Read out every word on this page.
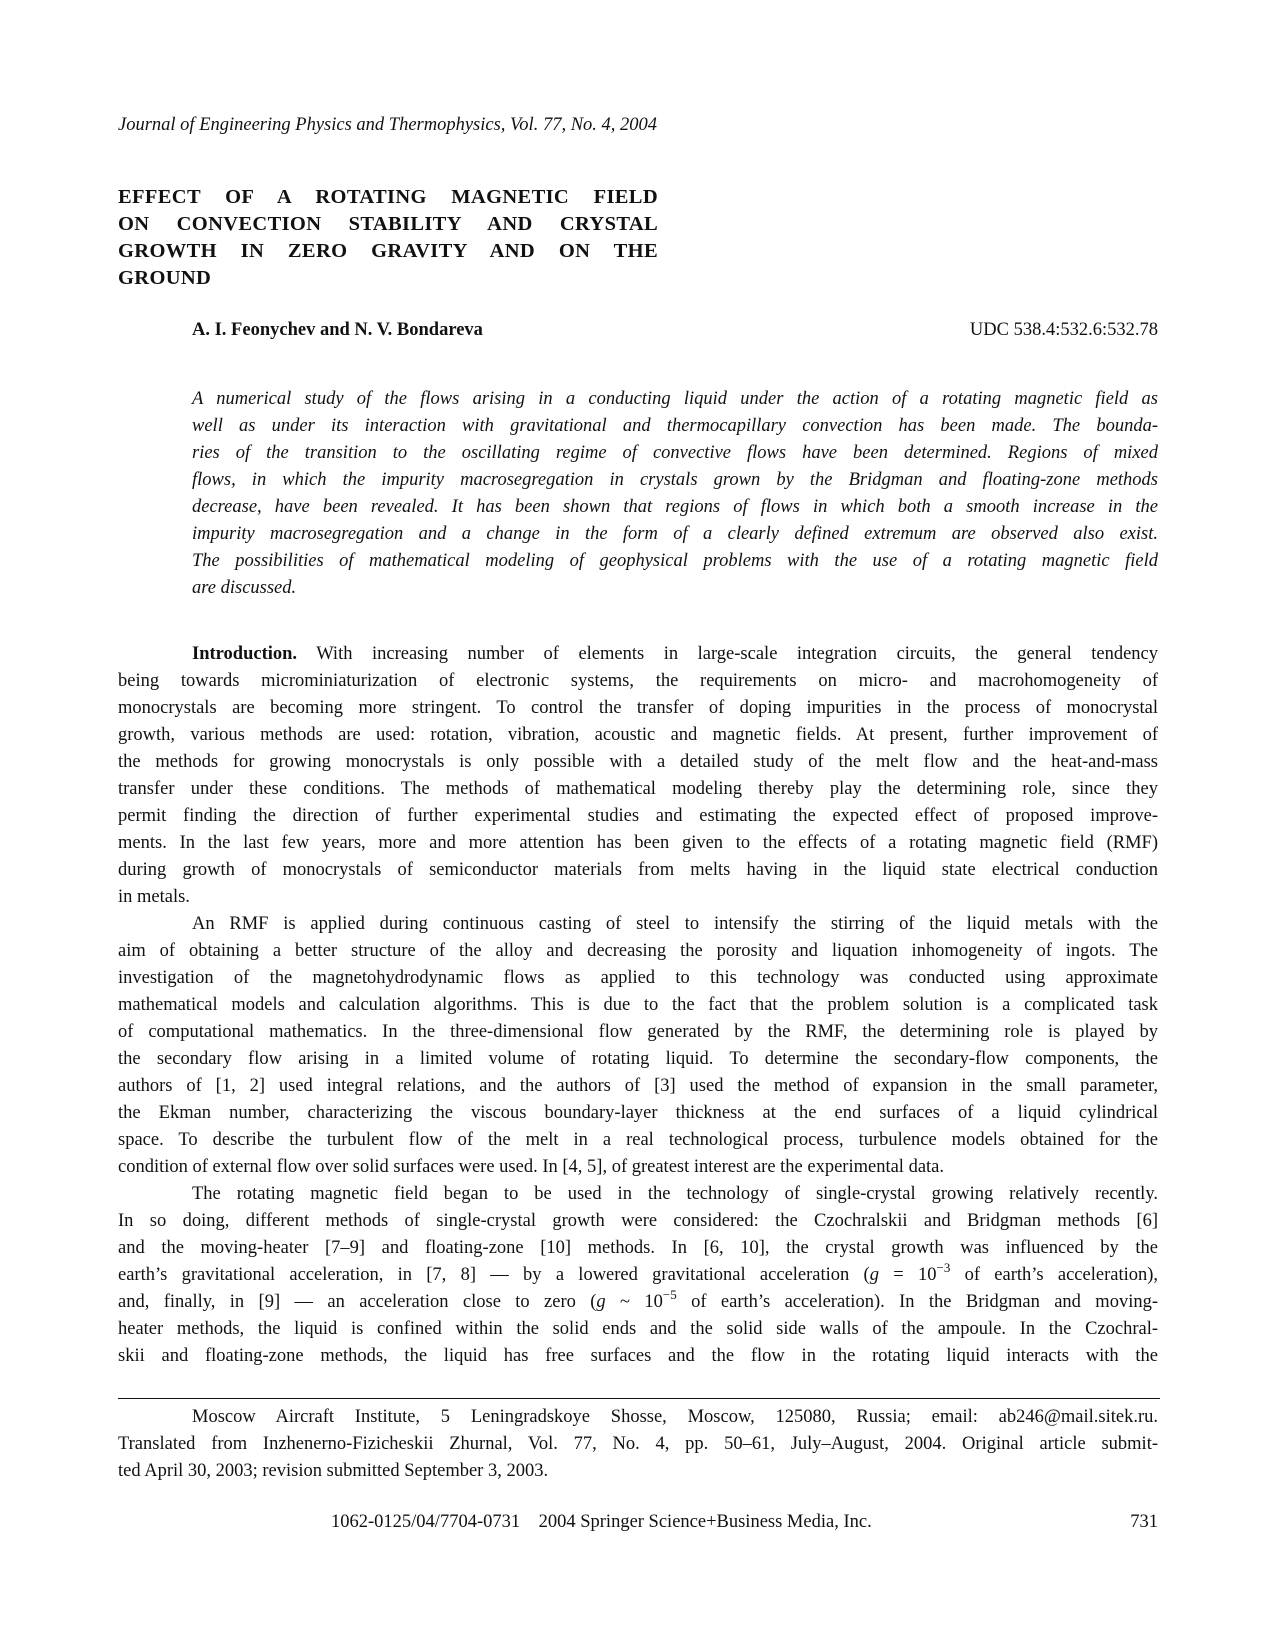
Journal of Engineering Physics and Thermophysics, Vol. 77, No. 4, 2004
EFFECT OF A ROTATING MAGNETIC FIELD
ON CONVECTION STABILITY AND CRYSTAL
GROWTH IN ZERO GRAVITY AND ON THE
GROUND
A. I. Feonychev and N. V. Bondareva	UDC 538.4:532.6:532.78
A numerical study of the flows arising in a conducting liquid under the action of a rotating magnetic field as
well as under its interaction with gravitational and thermocapillary convection has been made. The bounda-
ries of the transition to the oscillating regime of convective flows have been determined. Regions of mixed
flows, in which the impurity macrosegregation in crystals grown by the Bridgman and floating-zone methods
decrease, have been revealed. It has been shown that regions of flows in which both a smooth increase in the
impurity macrosegregation and a change in the form of a clearly defined extremum are observed also exist.
The possibilities of mathematical modeling of geophysical problems with the use of a rotating magnetic field
are discussed.
Introduction. With increasing number of elements in large-scale integration circuits, the general tendency
being towards microminiaturization of electronic systems, the requirements on micro- and macrohomogeneity of
monocrystals are becoming more stringent. To control the transfer of doping impurities in the process of monocrystal
growth, various methods are used: rotation, vibration, acoustic and magnetic fields. At present, further improvement of
the methods for growing monocrystals is only possible with a detailed study of the melt flow and the heat-and-mass
transfer under these conditions. The methods of mathematical modeling thereby play the determining role, since they
permit finding the direction of further experimental studies and estimating the expected effect of proposed improve-
ments. In the last few years, more and more attention has been given to the effects of a rotating magnetic field (RMF)
during growth of monocrystals of semiconductor materials from melts having in the liquid state electrical conduction
in metals.
An RMF is applied during continuous casting of steel to intensify the stirring of the liquid metals with the
aim of obtaining a better structure of the alloy and decreasing the porosity and liquation inhomogeneity of ingots. The
investigation of the magnetohydrodynamic flows as applied to this technology was conducted using approximate
mathematical models and calculation algorithms. This is due to the fact that the problem solution is a complicated task
of computational mathematics. In the three-dimensional flow generated by the RMF, the determining role is played by
the secondary flow arising in a limited volume of rotating liquid. To determine the secondary-flow components, the
authors of [1, 2] used integral relations, and the authors of [3] used the method of expansion in the small parameter,
the Ekman number, characterizing the viscous boundary-layer thickness at the end surfaces of a liquid cylindrical
space. To describe the turbulent flow of the melt in a real technological process, turbulence models obtained for the
condition of external flow over solid surfaces were used. In [4, 5], of greatest interest are the experimental data.
The rotating magnetic field began to be used in the technology of single-crystal growing relatively recently.
In so doing, different methods of single-crystal growth were considered: the Czochralskii and Bridgman methods [6]
and the moving-heater [7–9] and floating-zone [10] methods. In [6, 10], the crystal growth was influenced by the
earth’s gravitational acceleration, in [7, 8] — by a lowered gravitational acceleration ($g = 10^{-3}$ of earth’s acceleration),
and, finally, in [9] — an acceleration close to zero (g ~ $10^{-5}$ of earth’s acceleration). In the Bridgman and moving-
heater methods, the liquid is confined within the solid ends and the solid side walls of the ampoule. In the Czochral-
skii and floating-zone methods, the liquid has free surfaces and the flow in the rotating liquid interacts with the
Moscow Aircraft Institute, 5 Leningradskoye Shosse, Moscow, 125080, Russia; email: ab246@mail.sitek.ru.
Translated from Inzhenerno-Fizicheskii Zhurnal, Vol. 77, No. 4, pp. 50–61, July–August, 2004. Original article submit-
ted April 30, 2003; revision submitted September 3, 2003.
1062-0125/04/7704-0731    2004 Springer Science+Business Media, Inc.	731
